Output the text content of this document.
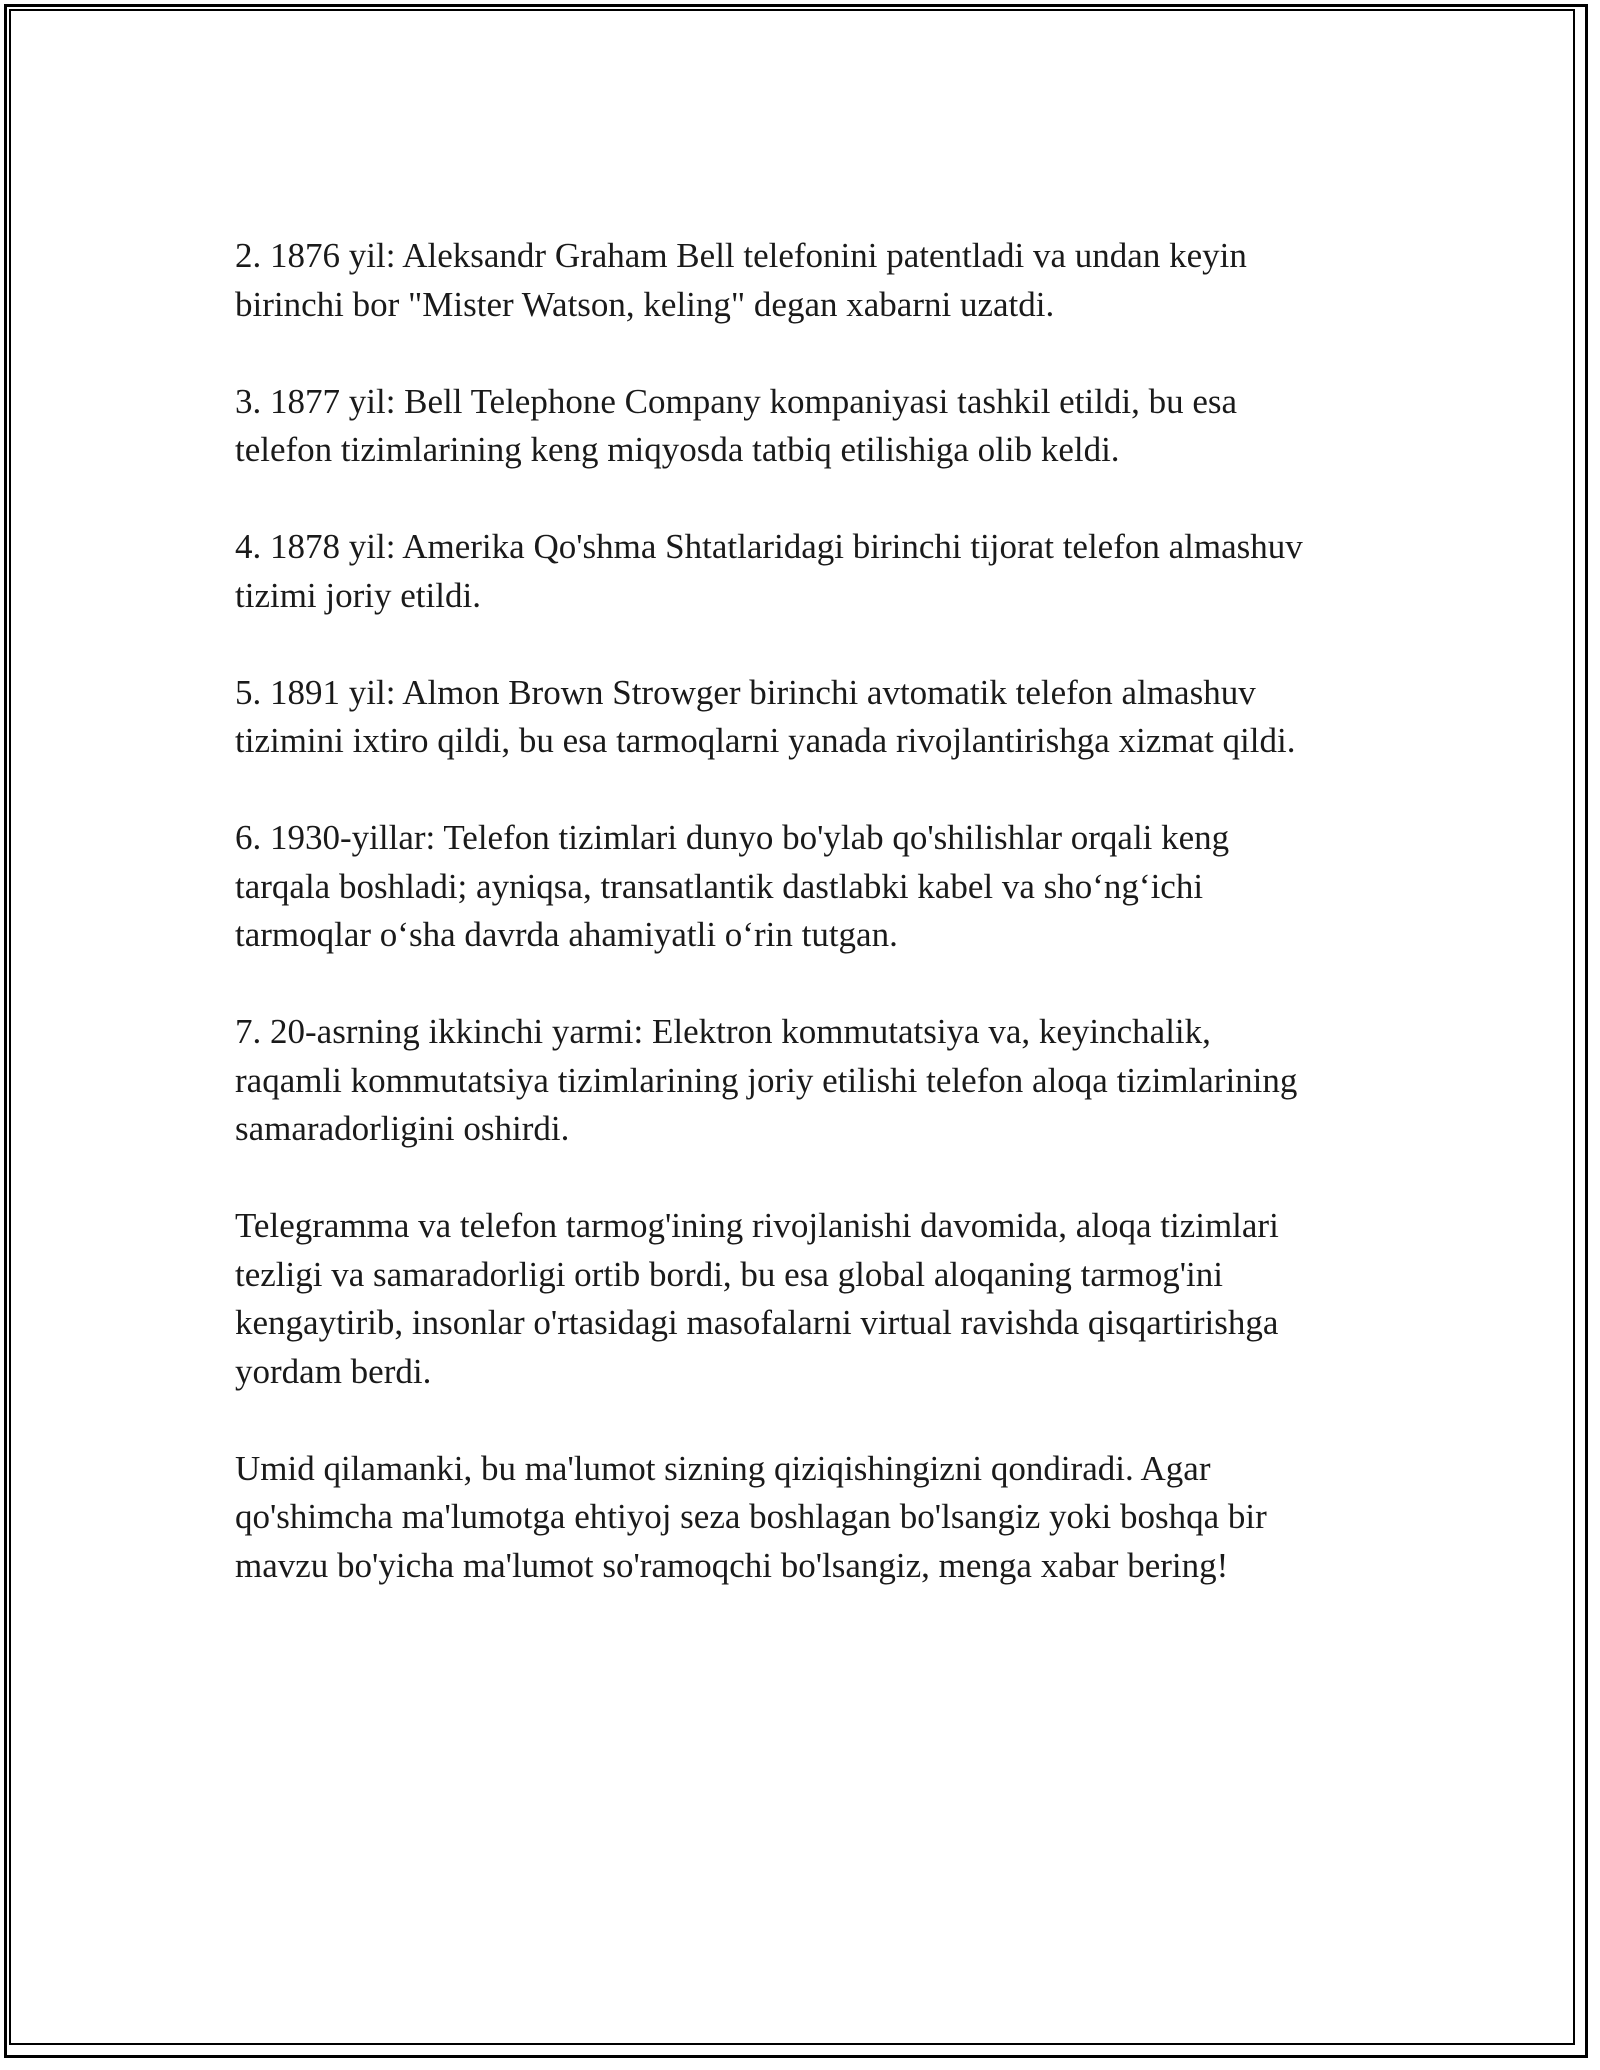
2. 1876 yil: Aleksandr Graham Bell telefonini patentladi va undan keyin
birinchi bor "Mister Watson, keling" degan xabarni uzatdi.

3. 1877 yil: Bell Telephone Company kompaniyasi tashkil etildi, bu esa
telefon tizimlarining keng miqyosda tatbiq etilishiga olib keldi.

4. 1878 yil: Amerika Qo'shma Shtatlaridagi birinchi tijorat telefon almashuv
tizimi joriy etildi.

5. 1891 yil: Almon Brown Strowger birinchi avtomatik telefon almashuv
tizimini ixtiro qildi, bu esa tarmoqlarni yanada rivojlantirishga xizmat qildi.

6. 1930-yillar: Telefon tizimlari dunyo bo'ylab qo'shilishlar orqali keng
tarqala boshladi; ayniqsa, transatlantik dastlabki kabel va sho‘ng‘ichi
tarmoqlar o‘sha davrda ahamiyatli o‘rin tutgan.

7. 20-asrning ikkinchi yarmi: Elektron kommutatsiya va, keyinchalik,
raqamli kommutatsiya tizimlarining joriy etilishi telefon aloqa tizimlarining
samaradorligini oshirdi.

Telegramma va telefon tarmog'ining rivojlanishi davomida, aloqa tizimlari
tezligi va samaradorligi ortib bordi, bu esa global aloqaning tarmog'ini
kengaytirib, insonlar o'rtasidagi masofalarni virtual ravishda qisqartirishga
yordam berdi.

Umid qilamanki, bu ma'lumot sizning qiziqishingizni qondiradi. Agar
qo'shimcha ma'lumotga ehtiyoj seza boshlagan bo'lsangiz yoki boshqa bir
mavzu bo'yicha ma'lumot so'ramoqchi bo'lsangiz, menga xabar bering!
